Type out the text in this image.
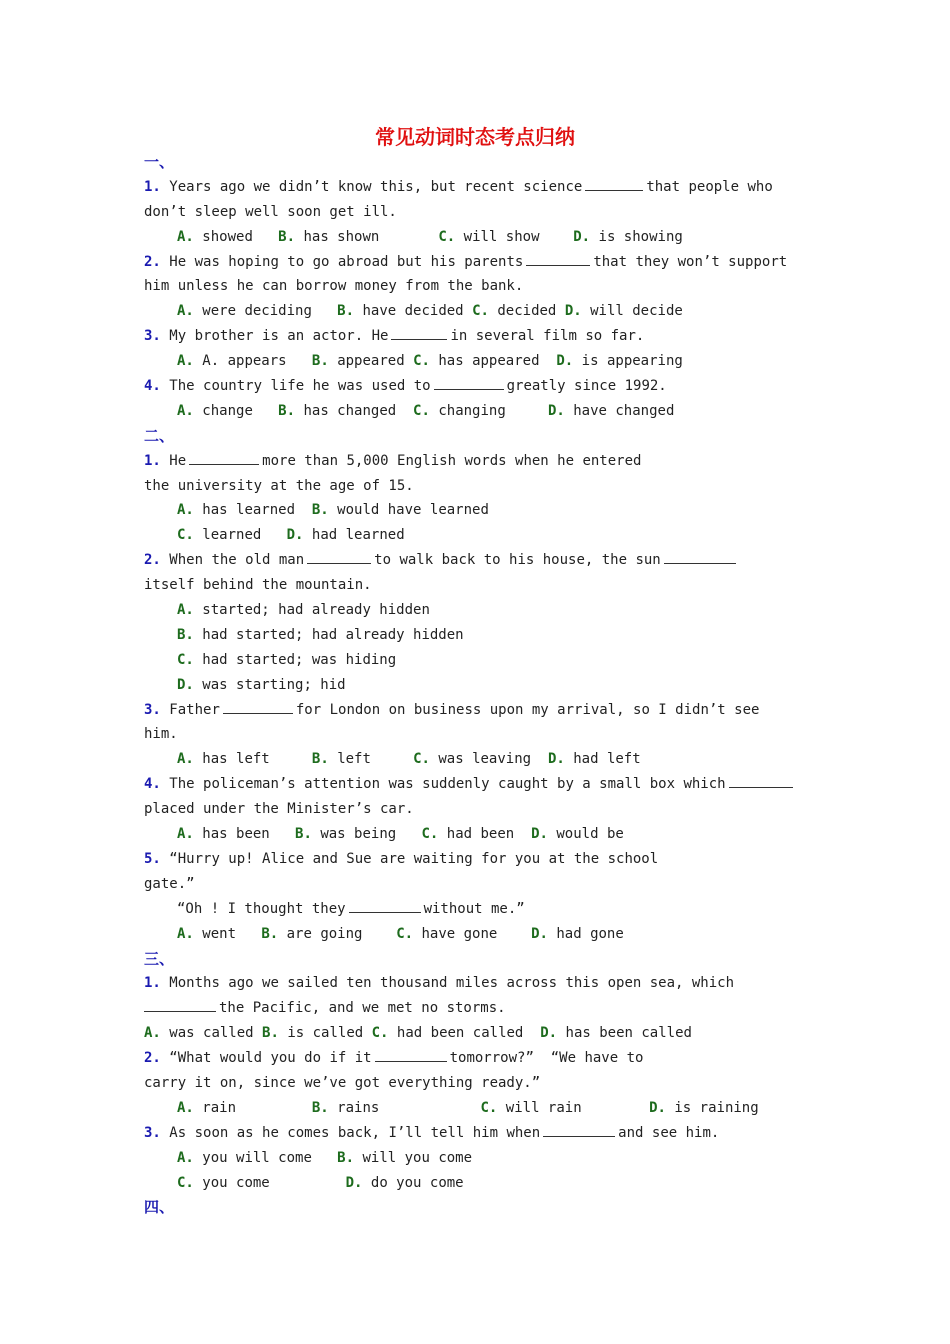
常见动词时态考点归纳
一、
1. Years ago we didn’t know this, but recent science	that people who
don’t sleep well soon get ill.
A. showed B. has shown	C. will show D. is showing
2. He was hoping to go abroad but his parents	that they won’t support
him unless he can borrow money from the bank.
A. were deciding B. have decided C. decided D. will decide
3. My brother is an actor. He	in several film so far.
A. A. appears B. appeared C. has appeared D. is appearing
4. The country life he was used to	greatly since 1992.
A. change B. has changed C. changing	D. have changed
二、
1. He	more than 5,000 English words when he entered
the university at the age of 15.
A. has learned B. would have learned
C. learned D. had learned
2. When the old man	to walk back to his house, the sun
itself behind the mountain.
A. started; had already hidden
B. had started; had already hidden
C. had started; was hiding
D. was starting; hid
3. Father	for London on business upon my arrival, so I didn’t see
him.
A. has left	B. left	C. was leaving D. had left
4. The policeman’s attention was suddenly caught by a small box which
placed under the Minister’s car.
A. has been B. was being C. had been D. would be
5. “Hurry up! Alice and Sue are waiting for you at the school
gate.”
“Oh ! I thought they	without me.”
A. went B. are going C. have gone D. had gone
三、
1. Months ago we sailed ten thousand miles across this open sea, which
the Pacific, and we met no storms.
A. was called B. is called C. had been called D. has been called
2. “What would you do if it	tomorrow?”  “We have to
carry it on, since we’ve got everything ready.”
A. rain	B. rains	C. will rain	D. is raining
3. As soon as he comes back, I’ll tell him when	and see him.
A. you will come B. will you come
C. you come	D. do you come
四、
